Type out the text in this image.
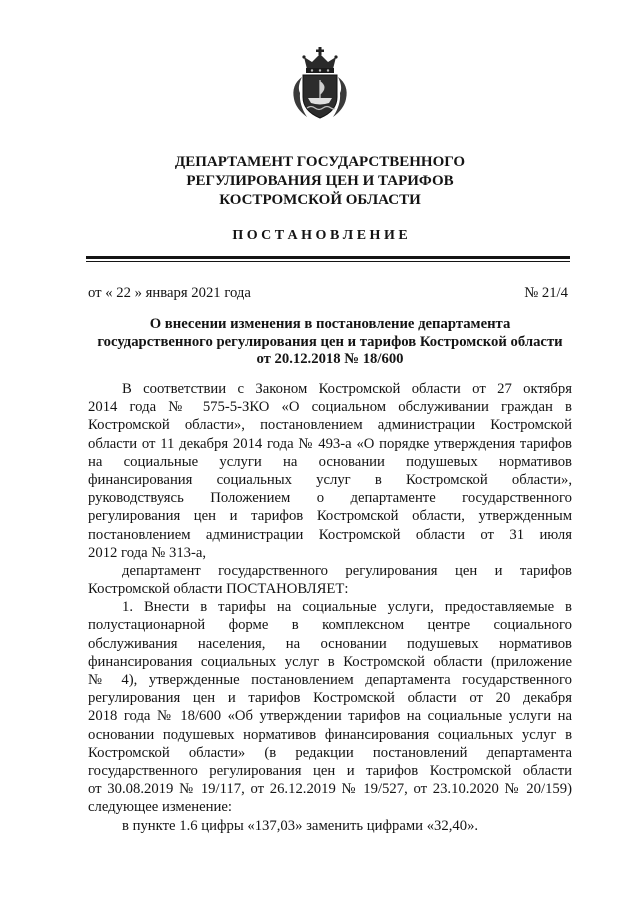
ДЕПАРТАМЕНТ ГОСУДАРСТВЕННОГО
РЕГУЛИРОВАНИЯ ЦЕН И ТАРИФОВ
КОСТРОМСКОЙ ОБЛАСТИ
П О С Т А Н О В Л Е Н И Е
от « 22 » января 2021 года	№ 21/4
О внесении изменения в постановление департамента
государственного регулирования цен и тарифов Костромской области
от 20.12.2018 № 18/600
В соответствии с Законом Костромской области от 27 октября
2014 года № 575-5-ЗКО «О социальном обслуживании граждан в
Костромской области», постановлением администрации Костромской
области от 11 декабря 2014 года № 493-а «О порядке утверждения тарифов
на социальные услуги на основании подушевых нормативов
финансирования социальных услуг в Костромской области»,
руководствуясь Положением о департаменте государственного
регулирования цен и тарифов Костромской области, утвержденным
постановлением администрации Костромской области от 31 июля
2012 года № 313-а,
департамент государственного регулирования цен и тарифов
Костромской области ПОСТАНОВЛЯЕТ:
1. Внести в тарифы на социальные услуги, предоставляемые в
полустационарной форме в комплексном центре социального
обслуживания населения, на основании подушевых нормативов
финансирования социальных услуг в Костромской области (приложение
№ 4), утвержденные постановлением департамента государственного
регулирования цен и тарифов Костромской области от 20 декабря
2018 года № 18/600 «Об утверждении тарифов на социальные услуги на
основании подушевых нормативов финансирования социальных услуг в
Костромской области» (в редакции постановлений департамента
государственного регулирования цен и тарифов Костромской области
от 30.08.2019 № 19/117, от 26.12.2019 № 19/527, от 23.10.2020 № 20/159)
следующее изменение:
в пункте 1.6 цифры «137,03» заменить цифрами «32,40».
